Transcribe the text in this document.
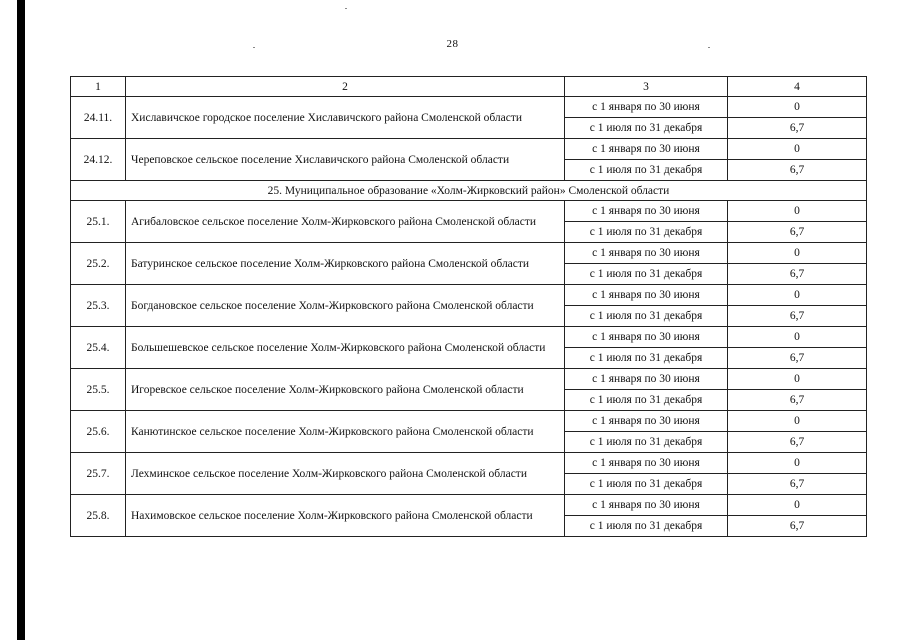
28
1	2	3	4
24.11.	Хиславичское городское поселение Хиславичского района Смоленской области	с 1 января по 30 июня	0
		с 1 июля по 31 декабря	6,7
24.12.	Череповское сельское поселение Хиславичского района Смоленской области	с 1 января по 30 июня	0
		с 1 июля по 31 декабря	6,7
25. Муниципальное образование «Холм-Жирковский район» Смоленской области			
25.1.	Агибаловское сельское поселение Холм-Жирковского района Смоленской области	с 1 января по 30 июня	0
		с 1 июля по 31 декабря	6,7
25.2.	Батуринское сельское поселение Холм-Жирковского района Смоленской области	с 1 января по 30 июня	0
		с 1 июля по 31 декабря	6,7
25.3.	Богдановское сельское поселение Холм-Жирковского района Смоленской области	с 1 января по 30 июня	0
		с 1 июля по 31 декабря	6,7
25.4.	Большешевское сельское поселение Холм-Жирковского района Смоленской области	с 1 января по 30 июня	0
		с 1 июля по 31 декабря	6,7
25.5.	Игоревское сельское поселение Холм-Жирковского района Смоленской области	с 1 января по 30 июня	0
		с 1 июля по 31 декабря	6,7
25.6.	Канютинское сельское поселение Холм-Жирковского района Смоленской области	с 1 января по 30 июня	0
		с 1 июля по 31 декабря	6,7
25.7.	Лехминское сельское поселение Холм-Жирковского района Смоленской области	с 1 января по 30 июня	0
		с 1 июля по 31 декабря	6,7
25.8.	Нахимовское сельское поселение Холм-Жирковского района Смоленской области	с 1 января по 30 июня	0
		с 1 июля по 31 декабря	6,7
